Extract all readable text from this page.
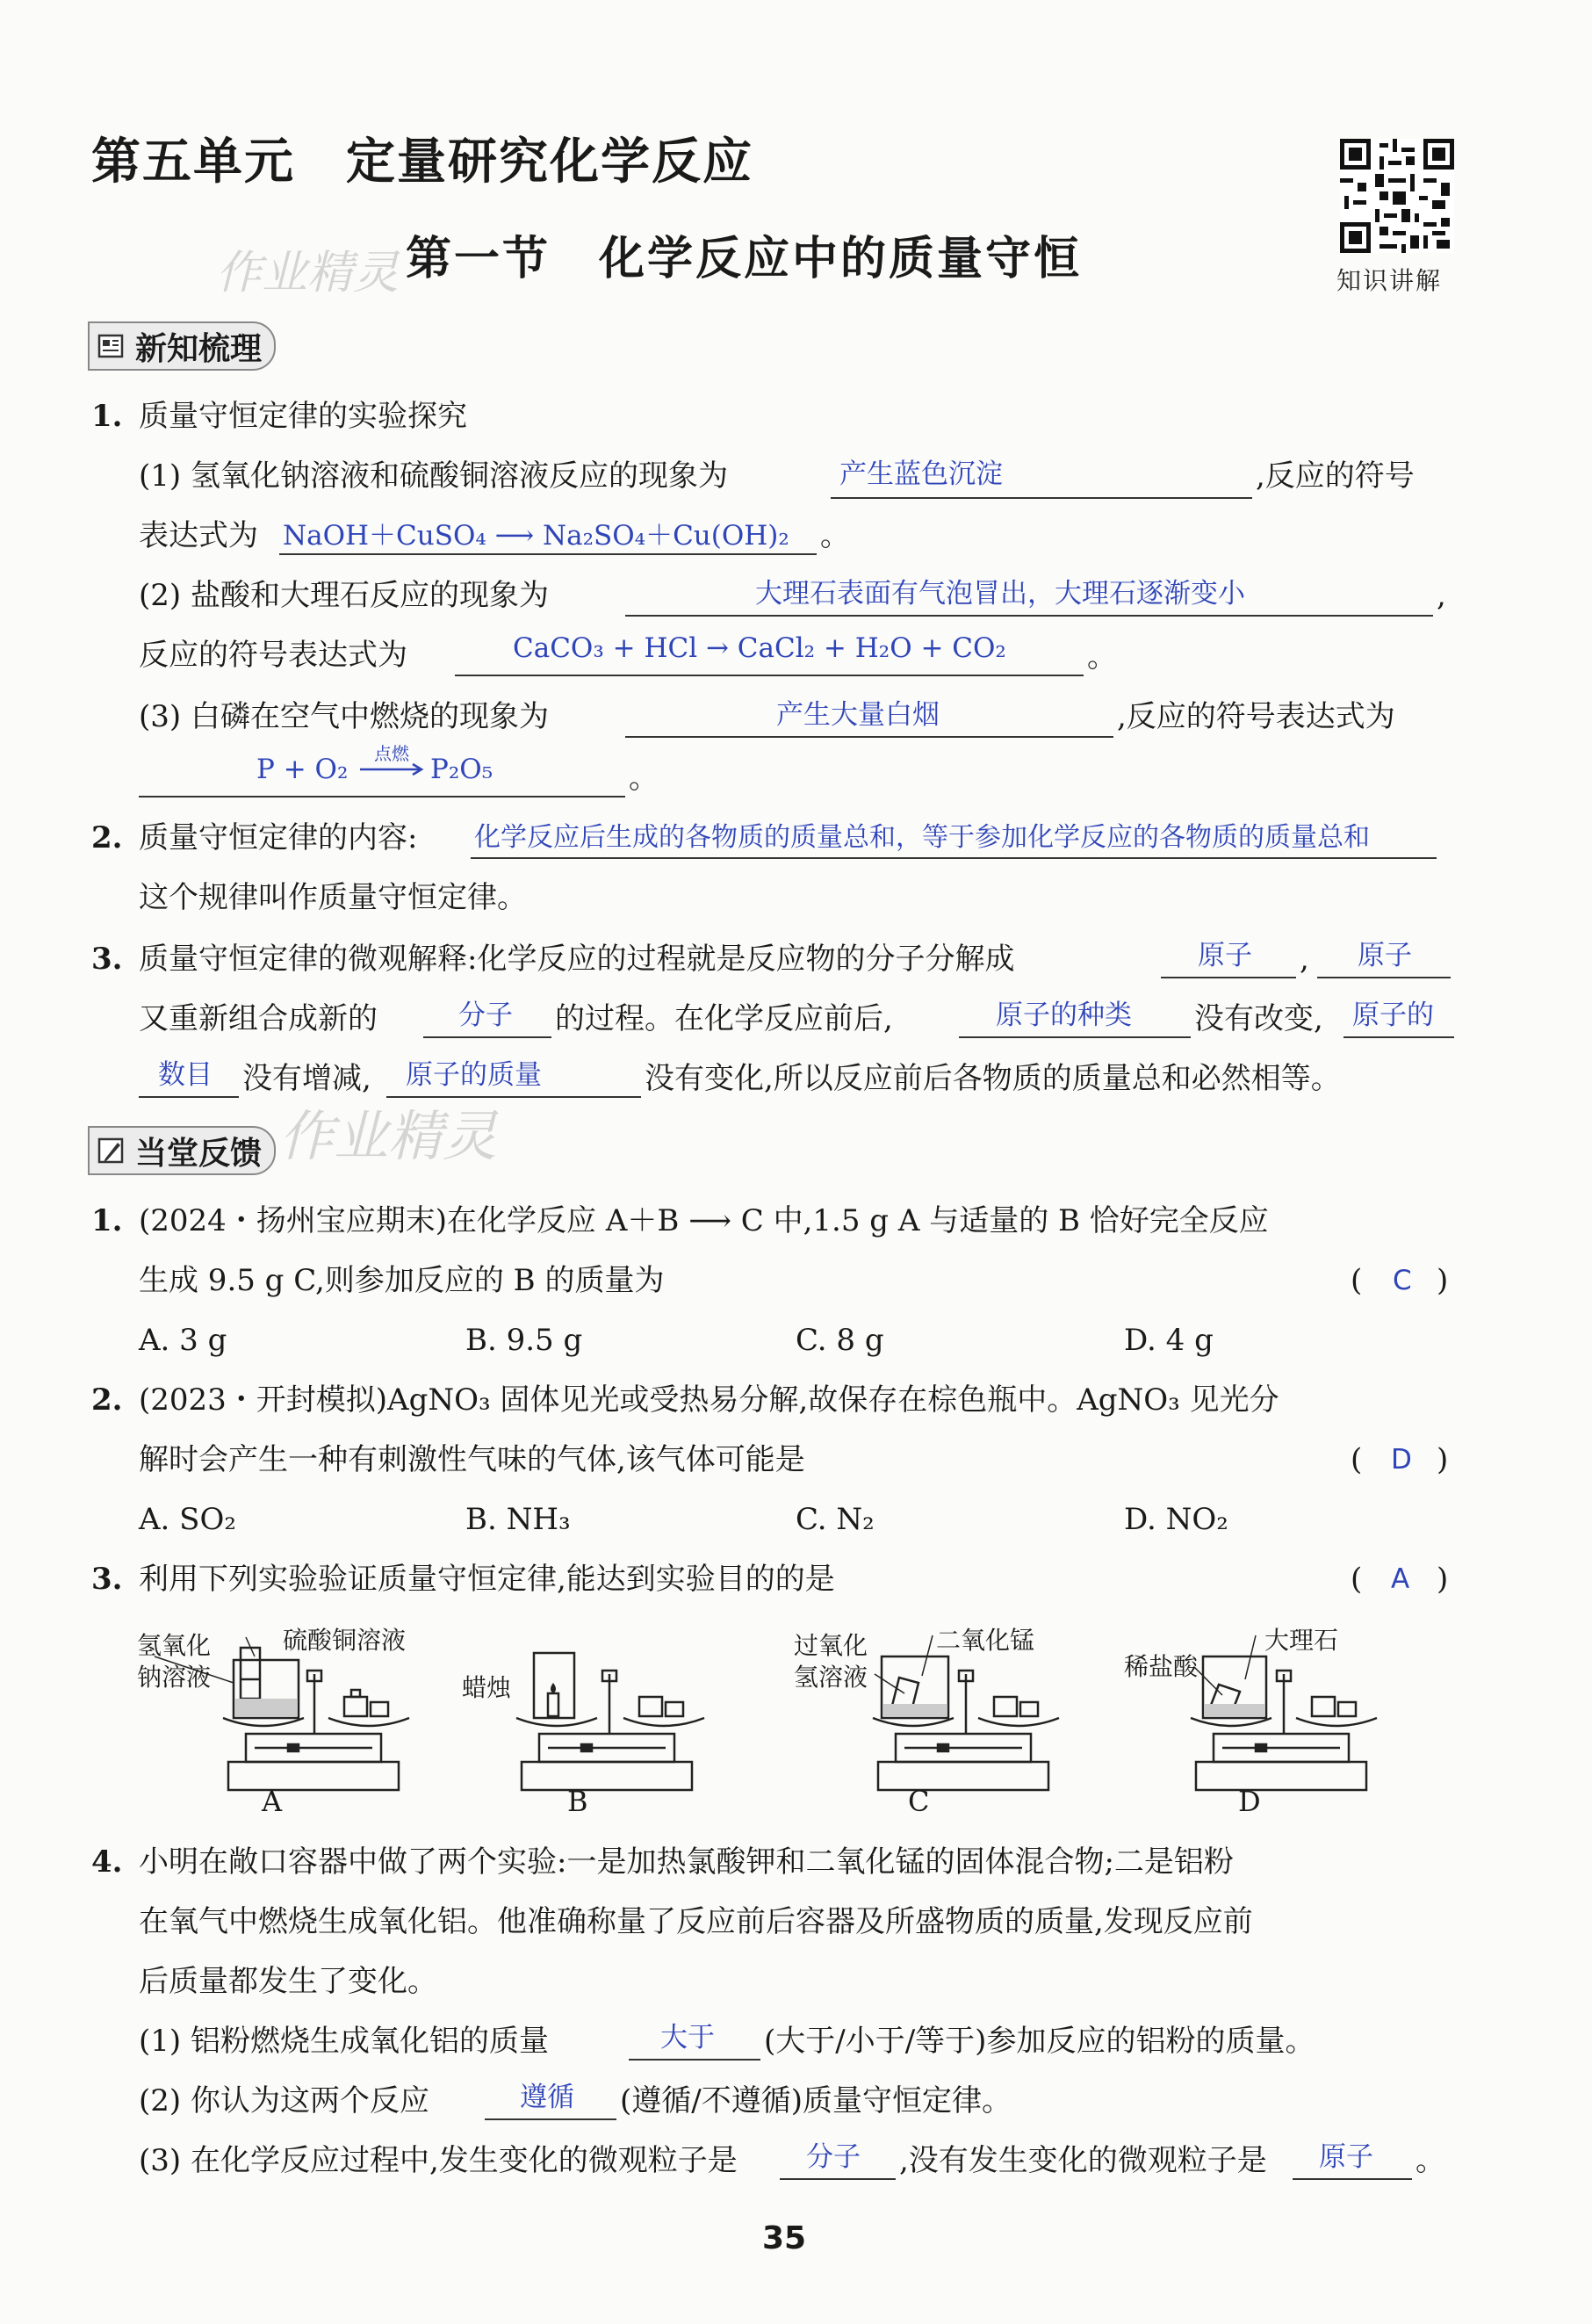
第五单元　定量研究化学反应
作业精灵 第一节　化学反应中的质量守恒	知识讲解
新知梳理
1. 质量守恒定律的实验探究
(1) 氢氧化钠溶液和硫酸铜溶液反应的现象为	产生蓝色沉淀	,反应的符号
表达式为 NaOH＋CuSO₄ ⟶ Na₂SO₄＋Cu(OH)₂ 。
(2) 盐酸和大理石反应的现象为	大理石表面有气泡冒出，大理石逐渐变小	,
反应的符号表达式为	CaCO₃ + HCl → CaCl₂ + H₂O + CO₂	。
(3) 白磷在空气中燃烧的现象为	产生大量白烟	,反应的符号表达式为
P + O₂ 点燃 P₂O₅	。
2. 质量守恒定律的内容: 化学反应后生成的各物质的质量总和，等于参加化学反应的各物质的质量总和
这个规律叫作质量守恒定律。
3. 质量守恒定律的微观解释:化学反应的过程就是反应物的分子分解成	原子 , 原子
又重新组合成新的	分子 的过程。在化学反应前后,	原子的种类 没有改变, 原子的
数目 没有增减, 原子的质量	没有变化,所以反应前后各物质的质量总和必然相等。
作业精灵
当堂反馈
1. (2024・扬州宝应期末)在化学反应 A＋B ⟶ C 中,1.5 g A 与适量的 B 恰好完全反应
生成 9.5 g C,则参加反应的 B 的质量为	( C )
A. 3 g	B. 9.5 g	C. 8 g	D. 4 g
2. (2023・开封模拟)AgNO₃ 固体见光或受热易分解,故保存在棕色瓶中。AgNO₃ 见光分
解时会产生一种有刺激性气味的气体,该气体可能是	( D )
A. SO₂	B. NH₃	C. N₂	D. NO₂
3. 利用下列实验验证质量守恒定律,能达到实验目的的是	( A )
氢氧化
钠溶液
硫酸铜溶液
A
蜡烛
B
过氧化
氢溶液
二氧化锰
C
稀盐酸
大理石
D
4. 小明在敞口容器中做了两个实验:一是加热氯酸钾和二氧化锰的固体混合物;二是铝粉
在氧气中燃烧生成氧化铝。他准确称量了反应前后容器及所盛物质的质量,发现反应前
后质量都发生了变化。
(1) 铝粉燃烧生成氧化铝的质量	大于 (大于/小于/等于)参加反应的铝粉的质量。
(2) 你认为这两个反应	遵循 (遵循/不遵循)质量守恒定律。
(3) 在化学反应过程中,发生变化的微观粒子是	分子 ,没有发生变化的微观粒子是 原子 。
35
